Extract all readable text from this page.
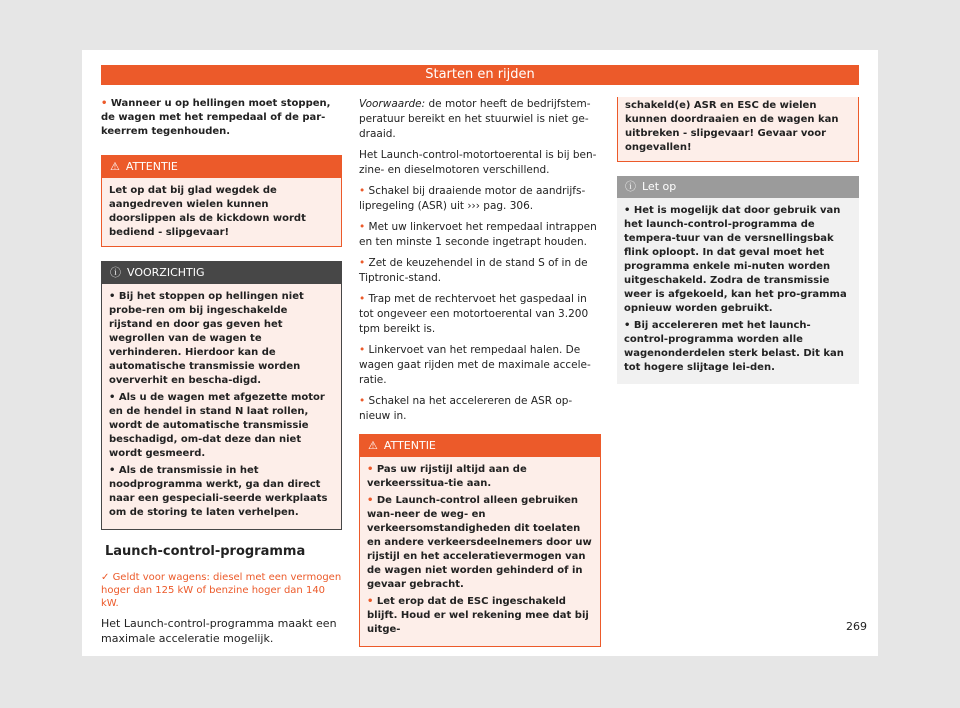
Starten en rijden

• Wanneer u op hellingen moet stoppen, de wagen met het rempedaal of de par-keerrem tegenhouden.

⚠ ATTENTIE
Let op dat bij glad wegdek de aangedreven wielen kunnen doorslippen als de kickdown wordt bediend - slipgevaar!
ⓘ VOORZICHTIG

• Bij het stoppen op hellingen niet probe-ren om bij ingeschakelde rijstand en door gas geven het wegrollen van de wagen te verhinderen. Hierdoor kan de automatische transmissie worden oververhit en bescha-digd.

• Als u de wagen met afgezette motor en de hendel in stand N laat rollen, wordt de automatische transmissie beschadigd, om-dat deze dan niet wordt gesmeerd.

• Als de transmissie in het noodprogramma werkt, ga dan direct naar een gespeciali-seerde werkplaats om de storing te laten verhelpen.

Launch-control-programma

✓ Geldt voor wagens: diesel met een vermogen hoger dan 125 kW of benzine hoger dan 140 kW.

Het Launch-control-programma maakt een maximale acceleratie mogelijk.

Voorwaarde: de motor heeft de bedrijfstem-peratuur bereikt en het stuurwiel is niet ge-draaid.

Het Launch-control-motortoerental is bij ben-zine- en dieselmotoren verschillend.

• Schakel bij draaiende motor de aandrijfs-lipregeling (ASR) uit ››› pag. 306.

• Met uw linkervoet het rempedaal intrappen en ten minste 1 seconde ingetrapt houden.

• Zet de keuzehendel in de stand S of in de Tiptronic-stand.

• Trap met de rechtervoet het gaspedaal in tot ongeveer een motortoerental van 3.200 tpm bereikt is.

• Linkervoet van het rempedaal halen. De wagen gaat rijden met de maximale accele-ratie.

• Schakel na het accelereren de ASR op-nieuw in.

⚠ ATTENTIE

• Pas uw rijstijl altijd aan de verkeerssitua-tie aan.

• De Launch-control alleen gebruiken wan-neer de weg- en verkeersomstandigheden dit toelaten en andere verkeersdeelnemers door uw rijstijl en het acceleratievermogen van de wagen niet worden gehinderd of in gevaar gebracht.

• Let erop dat de ESC ingeschakeld blijft. Houd er wel rekening mee dat bij uitge-

schakeld(e) ASR en ESC de wielen kunnen doordraaien en de wagen kan uitbreken - slipgevaar! Gevaar voor ongevallen!
ⓘ Let op

• Het is mogelijk dat door gebruik van het launch-control-programma de tempera-tuur van de versnellingsbak flink oploopt. In dat geval moet het programma enkele mi-nuten worden uitgeschakeld. Zodra de transmissie weer is afgekoeld, kan het pro-gramma opnieuw worden gebruikt.

• Bij accelereren met het launch-control-programma worden alle wagenonderdelen sterk belast. Dit kan tot hogere slijtage lei-den.

269
